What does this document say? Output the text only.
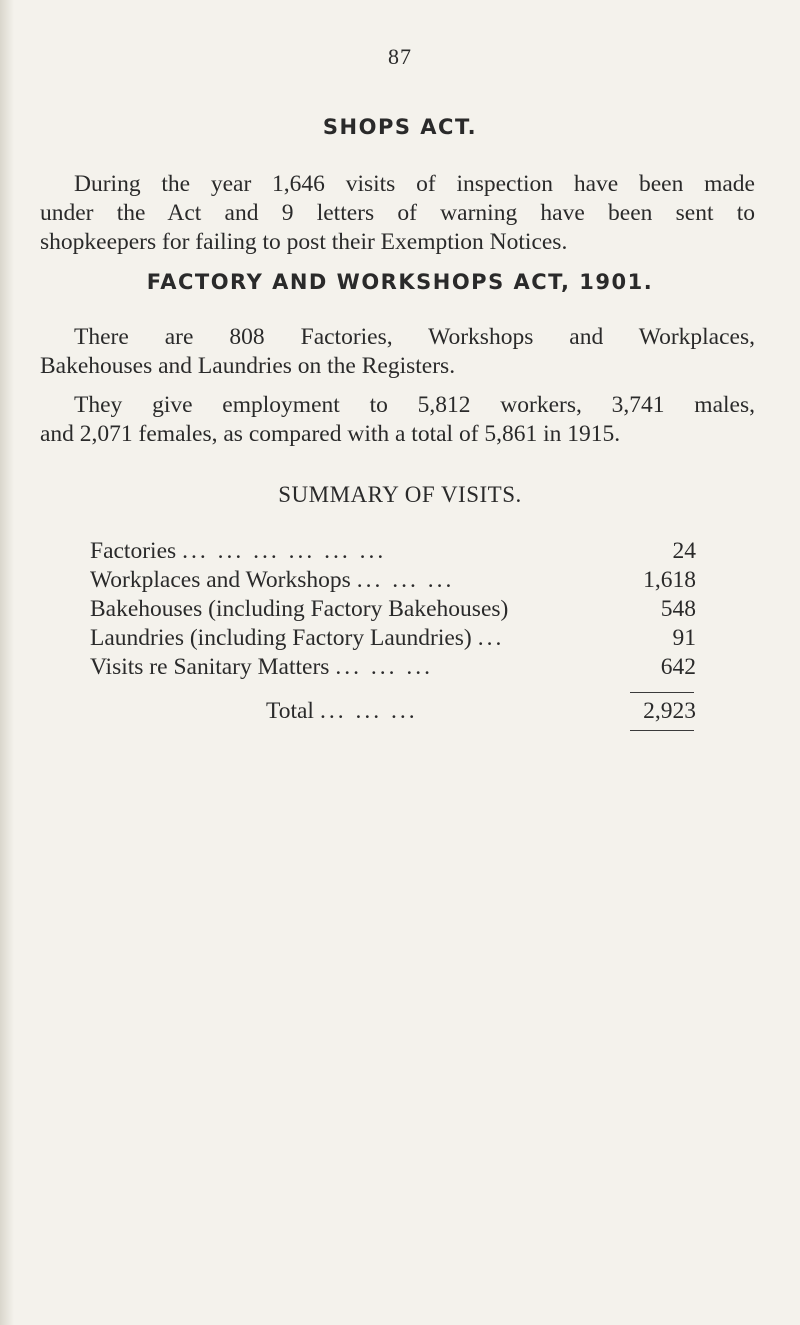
87
SHOPS ACT.
During the year 1,646 visits of inspection have been made
under the Act and 9 letters of warning have been sent to
shopkeepers for failing to post their Exemption Notices.
FACTORY AND WORKSHOPS ACT, 1901.
There are 808 Factories, Workshops and Workplaces,
Bakehouses and Laundries on the Registers.
They give employment to 5,812 workers, 3,741 males,
and 2,071 females, as compared with a total of 5,861 in 1915.
SUMMARY OF VISITS.
Factories ... ... ... ... ... ...	24
Workplaces and Workshops ... ... ...	1,618
Bakehouses (including Factory Bakehouses)	548
Laundries (including Factory Laundries) ...	91
Visits re Sanitary Matters ... ... ...	642
Total ... ... ...	2,923
